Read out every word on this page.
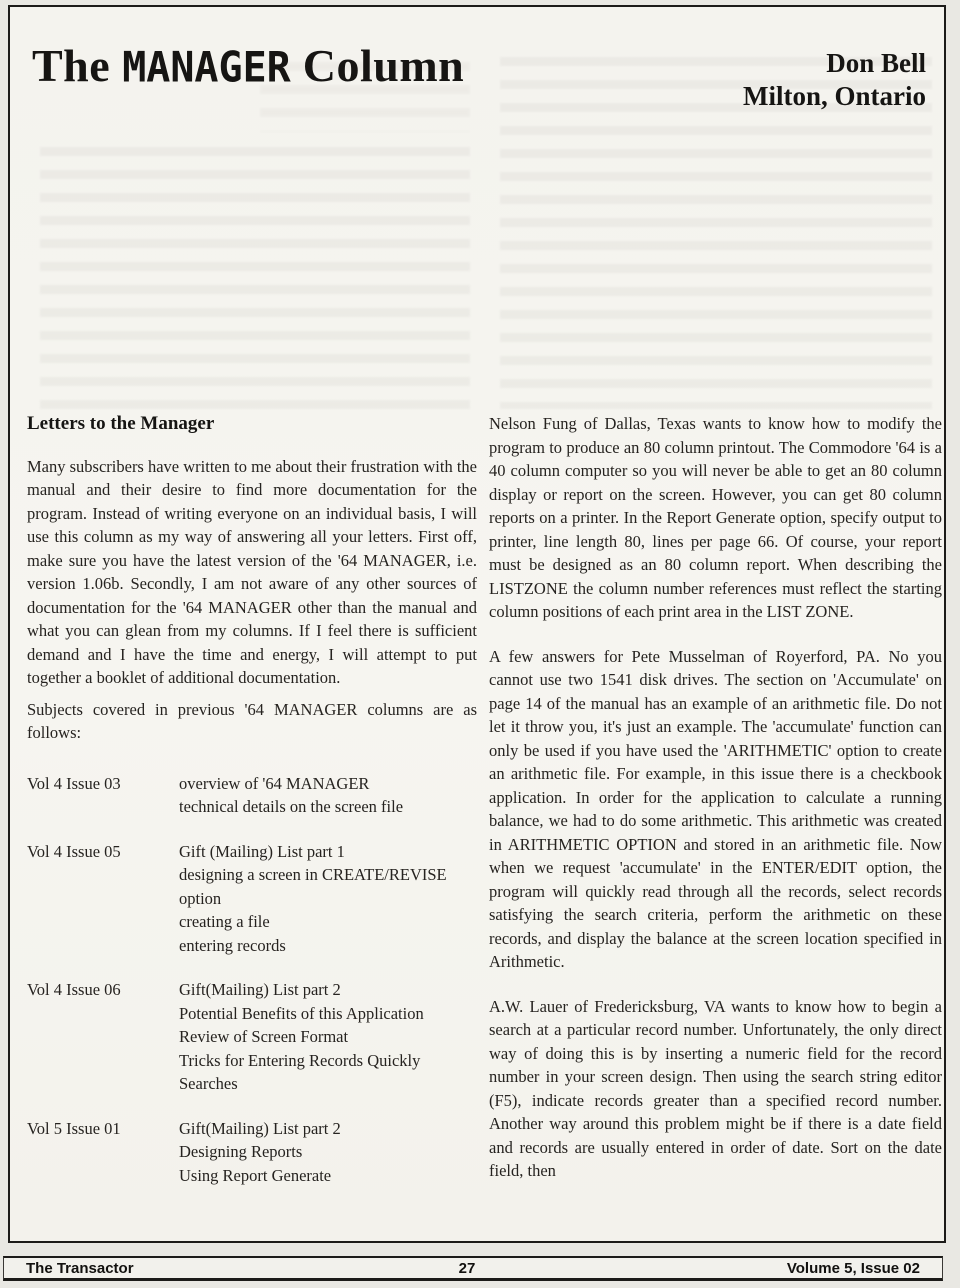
The MANAGER Column	Don Bell
Milton, Ontario
Letters to the Manager

Many subscribers have written to me about their frustration with the manual and their desire to find more documentation for the program. Instead of writing everyone on an individual basis, I will use this column as my way of answering all your letters. First off, make sure you have the latest version of the '64 MANAGER, i.e. version 1.06b. Secondly, I am not aware of any other sources of documentation for the '64 MANAGER other than the manual and what you can glean from my columns. If I feel there is sufficient demand and I have the time and energy, I will attempt to put together a booklet of additional documentation.

Subjects covered in previous '64 MANAGER columns are as follows:

Vol 4 Issue 03	overview of '64 MANAGER
technical details on the screen file
Vol 4 Issue 05	Gift (Mailing) List part 1
designing a screen in CREATE/REVISE option
creating a file
entering records
Vol 4 Issue 06	Gift(Mailing) List part 2
Potential Benefits of this Application
Review of Screen Format
Tricks for Entering Records Quickly
Searches
Vol 5 Issue 01	Gift(Mailing) List part 2
Designing Reports
Using Report Generate

Nelson Fung of Dallas, Texas wants to know how to modify the program to produce an 80 column printout. The Commodore '64 is a 40 column computer so you will never be able to get an 80 column display or report on the screen. However, you can get 80 column reports on a printer. In the Report Generate option, specify output to printer, line length 80, lines per page 66. Of course, your report must be designed as an 80 column report. When describing the LISTZONE the column number references must reflect the starting column positions of each print area in the LIST ZONE.

A few answers for Pete Musselman of Royerford, PA. No you cannot use two 1541 disk drives. The section on 'Accumulate' on page 14 of the manual has an example of an arithmetic file. Do not let it throw you, it's just an example. The 'accumulate' function can only be used if you have used the 'ARITHMETIC' option to create an arithmetic file. For example, in this issue there is a checkbook application. In order for the application to calculate a running balance, we had to do some arithmetic. This arithmetic was created in ARITHMETIC OPTION and stored in an arithmetic file. Now when we request 'accumulate' in the ENTER/EDIT option, the program will quickly read through all the records, select records satisfying the search criteria, perform the arithmetic on these records, and display the balance at the screen location specified in Arithmetic.

A.W. Lauer of Fredericksburg, VA wants to know how to begin a search at a particular record number. Unfortunately, the only direct way of doing this is by inserting a numeric field for the record number in your screen design. Then using the search string editor (F5), indicate records greater than a specified record number. Another way around this problem might be if there is a date field and records are usually entered in order of date. Sort on the date field, then

The Transactor	27	Volume 5, Issue 02
